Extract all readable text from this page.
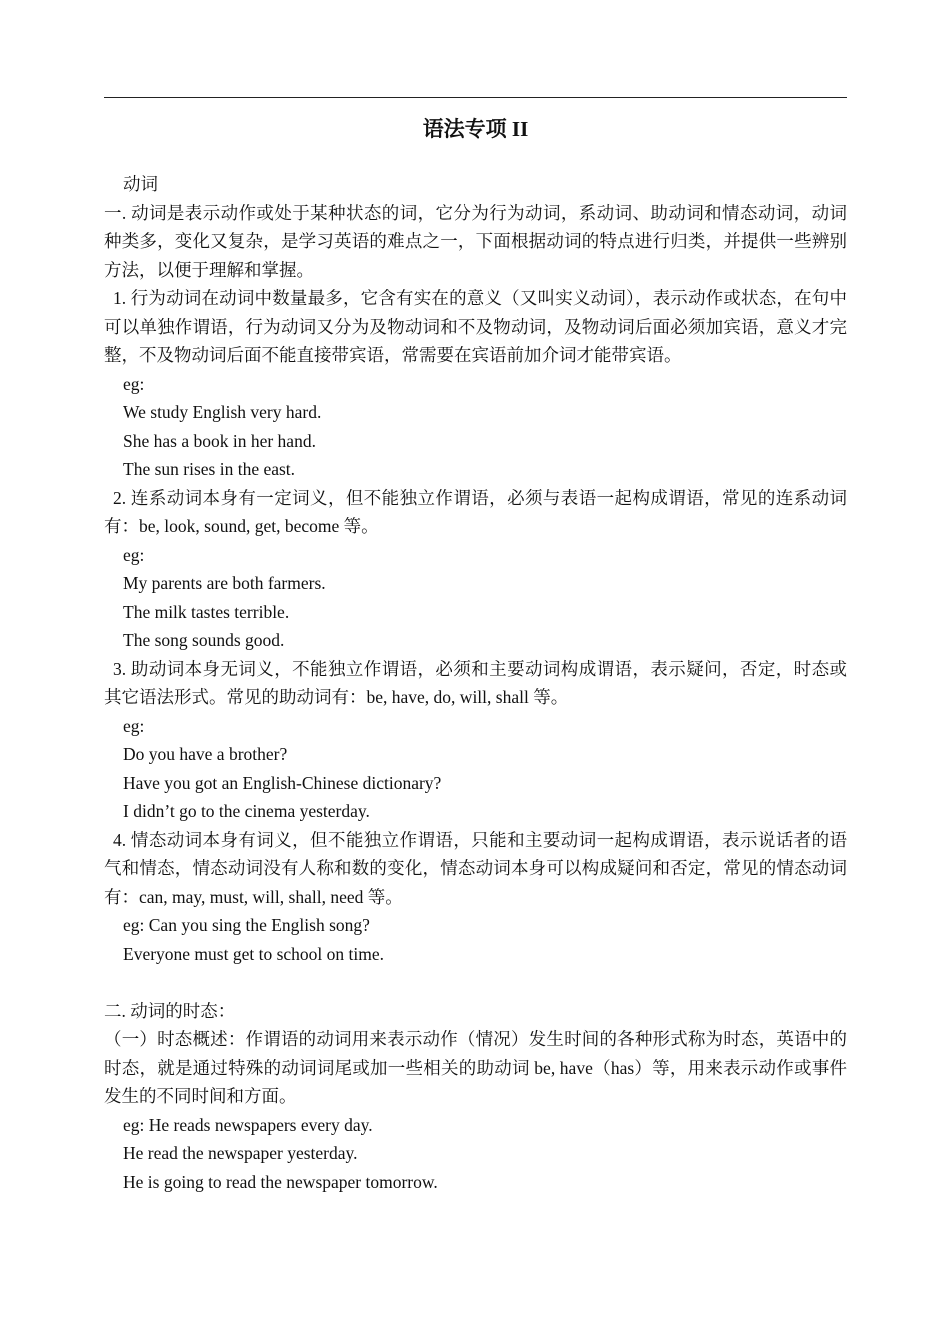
语法专项 II

动词

一. 动词是表示动作或处于某种状态的词，它分为行为动词，系动词、助动词和情态动词，动词种类多，变化又复杂，是学习英语的难点之一，下面根据动词的特点进行归类，并提供一些辨别方法，以便于理解和掌握。

1. 行为动词在动词中数量最多，它含有实在的意义（又叫实义动词），表示动作或状态，在句中可以单独作谓语，行为动词又分为及物动词和不及物动词，及物动词后面必须加宾语，意义才完整，不及物动词后面不能直接带宾语，常需要在宾语前加介词才能带宾语。

eg:

We study English very hard.

She has a book in her hand.

The sun rises in the east.

2. 连系动词本身有一定词义，但不能独立作谓语，必须与表语一起构成谓语，常见的连系动词有：be, look, sound, get, become 等。

eg:

My parents are both farmers.

The milk tastes terrible.

The song sounds good.

3. 助动词本身无词义，不能独立作谓语，必须和主要动词构成谓语，表示疑问，否定，时态或其它语法形式。常见的助动词有：be, have, do, will, shall 等。

eg:

Do you have a brother?

Have you got an English-Chinese dictionary?

I didn’t go to the cinema yesterday.

4. 情态动词本身有词义，但不能独立作谓语，只能和主要动词一起构成谓语，表示说话者的语气和情态，情态动词没有人称和数的变化，情态动词本身可以构成疑问和否定，常见的情态动词有：can, may, must, will, shall, need 等。

eg: Can you sing the English song?

Everyone must get to school on time.

二. 动词的时态：

（一）时态概述：作谓语的动词用来表示动作（情况）发生时间的各种形式称为时态，英语中的时态，就是通过特殊的动词词尾或加一些相关的助动词 be, have（has）等，用来表示动作或事件发生的不同时间和方面。

eg: He reads newspapers every day.

He read the newspaper yesterday.

He is going to read the newspaper tomorrow.
